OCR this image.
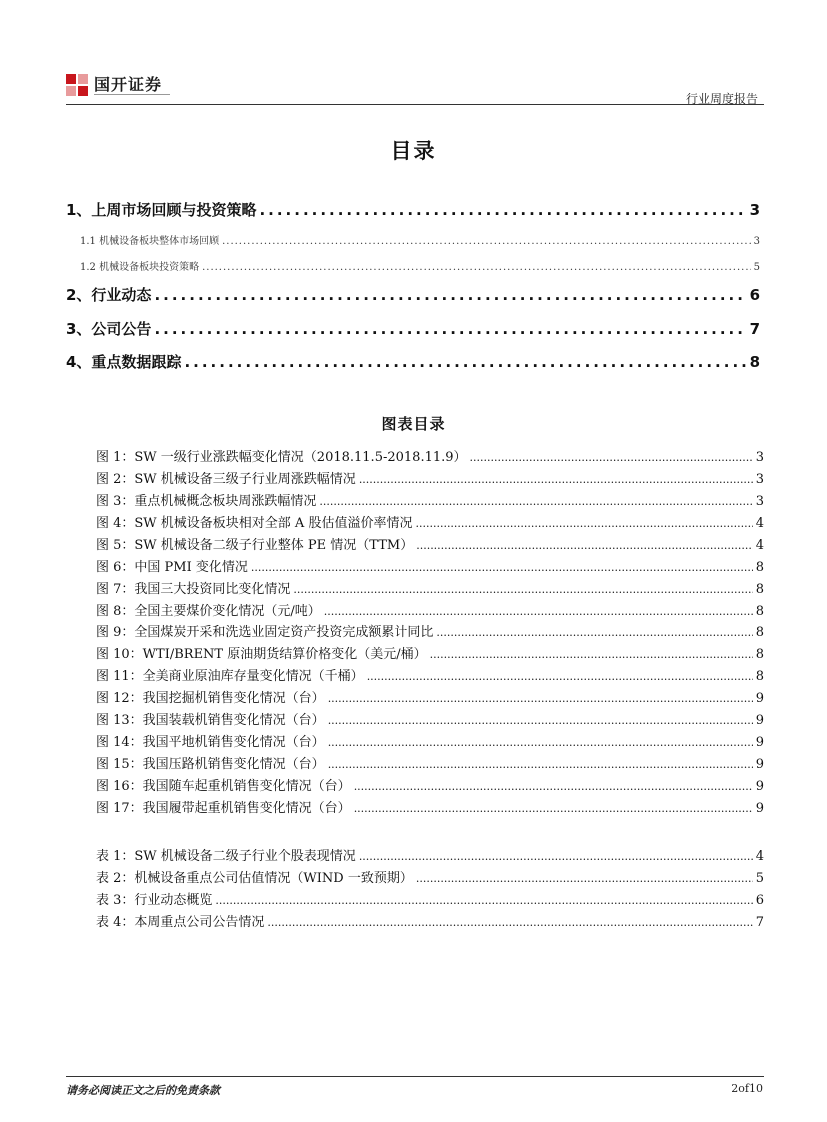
国开证券
行业周度报告
目录
1、上周市场回顾与投资策略 .....	3
1.1 机械设备板块整体市场回顾 .....	3
1.2 机械设备板块投资策略 .....	5
2、行业动态 .....	6
3、公司公告 .....	7
4、重点数据跟踪 .....	8
图表目录
图 1：SW 一级行业涨跌幅变化情况（2018.11.5-2018.11.9） .....	3
图 2：SW 机械设备三级子行业周涨跌幅情况 .....	3
图 3：重点机械概念板块周涨跌幅情况 .....	3
图 4：SW 机械设备板块相对全部 A 股估值溢价率情况 .....	4
图 5：SW 机械设备二级子行业整体 PE 情况（TTM） .....	4
图 6：中国 PMI 变化情况 .....	8
图 7：我国三大投资同比变化情况 .....	8
图 8：全国主要煤价变化情况（元/吨） .....	8
图 9：全国煤炭开采和洗选业固定资产投资完成额累计同比 .....	8
图 10：WTI/BRENT 原油期货结算价格变化（美元/桶） .....	8
图 11：全美商业原油库存量变化情况（千桶） .....	8
图 12：我国挖掘机销售变化情况（台） .....	9
图 13：我国装载机销售变化情况（台） .....	9
图 14：我国平地机销售变化情况（台） .....	9
图 15：我国压路机销售变化情况（台） .....	9
图 16：我国随车起重机销售变化情况（台） .....	9
图 17：我国履带起重机销售变化情况（台） .....	9
表 1：SW 机械设备二级子行业个股表现情况 .....	4
表 2：机械设备重点公司估值情况（WIND 一致预期） .....	5
表 3：行业动态概览 .....	6
表 4：本周重点公司公告情况 .....	7
请务必阅读正文之后的免责条款	2of10
